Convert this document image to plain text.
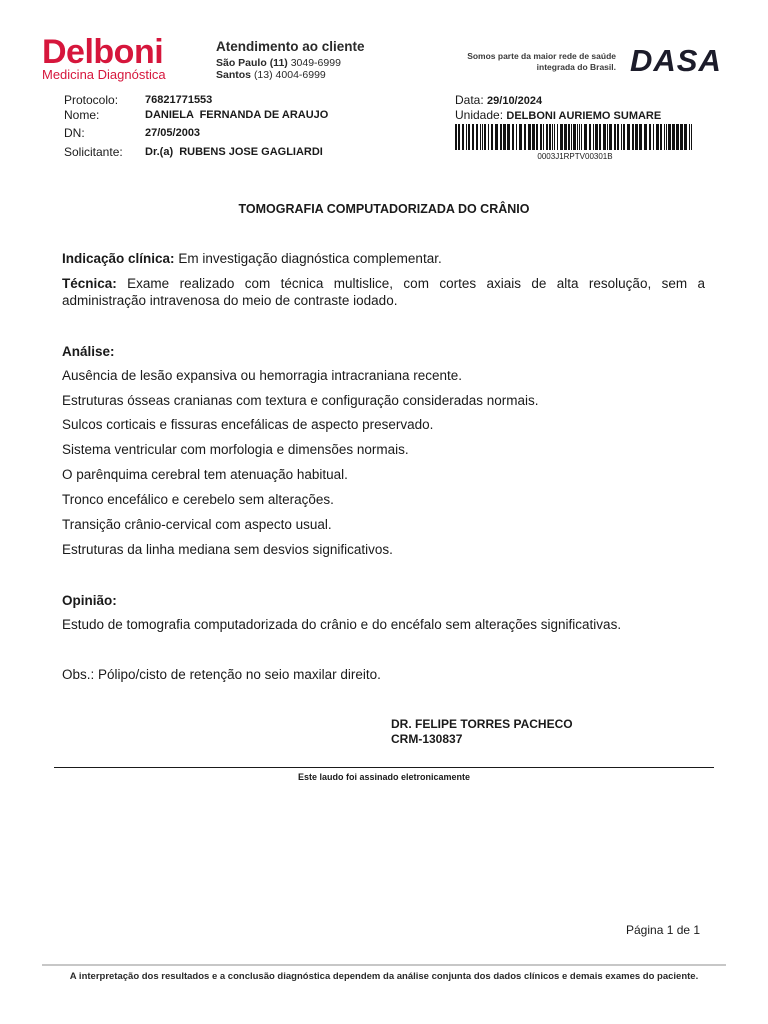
Delboni
Medicina Diagnóstica
Atendimento ao cliente
São Paulo (11) 3049-6999
Santos (13) 4004-6999
Somos parte da maior rede de saúde integrada do Brasil. DASA
Protocolo: 76821771553
Nome:	DANIELA  FERNANDA DE ARAUJO
DN:	27/05/2003
Solicitante: Dr.(a)  RUBENS JOSE GAGLIARDI
Data: 29/10/2024
Unidade: DELBONI AURIEMO SUMARE
0003J1RPTV00301B
TOMOGRAFIA COMPUTADORIZADA DO CRÂNIO
Indicação clínica: Em investigação diagnóstica complementar.
Técnica: Exame realizado com técnica multislice, com cortes axiais de alta resolução, sem a administração intravenosa do meio de contraste iodado.
Análise:
Ausência de lesão expansiva ou hemorragia intracraniana recente.
Estruturas ósseas cranianas com textura e configuração consideradas normais.
Sulcos corticais e fissuras encefálicas de aspecto preservado.
Sistema ventricular com morfologia e dimensões normais.
O parênquima cerebral tem atenuação habitual.
Tronco encefálico e cerebelo sem alterações.
Transição crânio-cervical com aspecto usual.
Estruturas da linha mediana sem desvios significativos.
Opinião:
Estudo de tomografia computadorizada do crânio e do encéfalo sem alterações significativas.
Obs.: Pólipo/cisto de retenção no seio maxilar direito.
DR. FELIPE TORRES PACHECO
CRM-130837
Este laudo foi assinado eletronicamente
Página 1 de 1
A interpretação dos resultados e a conclusão diagnóstica dependem da análise conjunta dos dados clínicos e demais exames do paciente.
